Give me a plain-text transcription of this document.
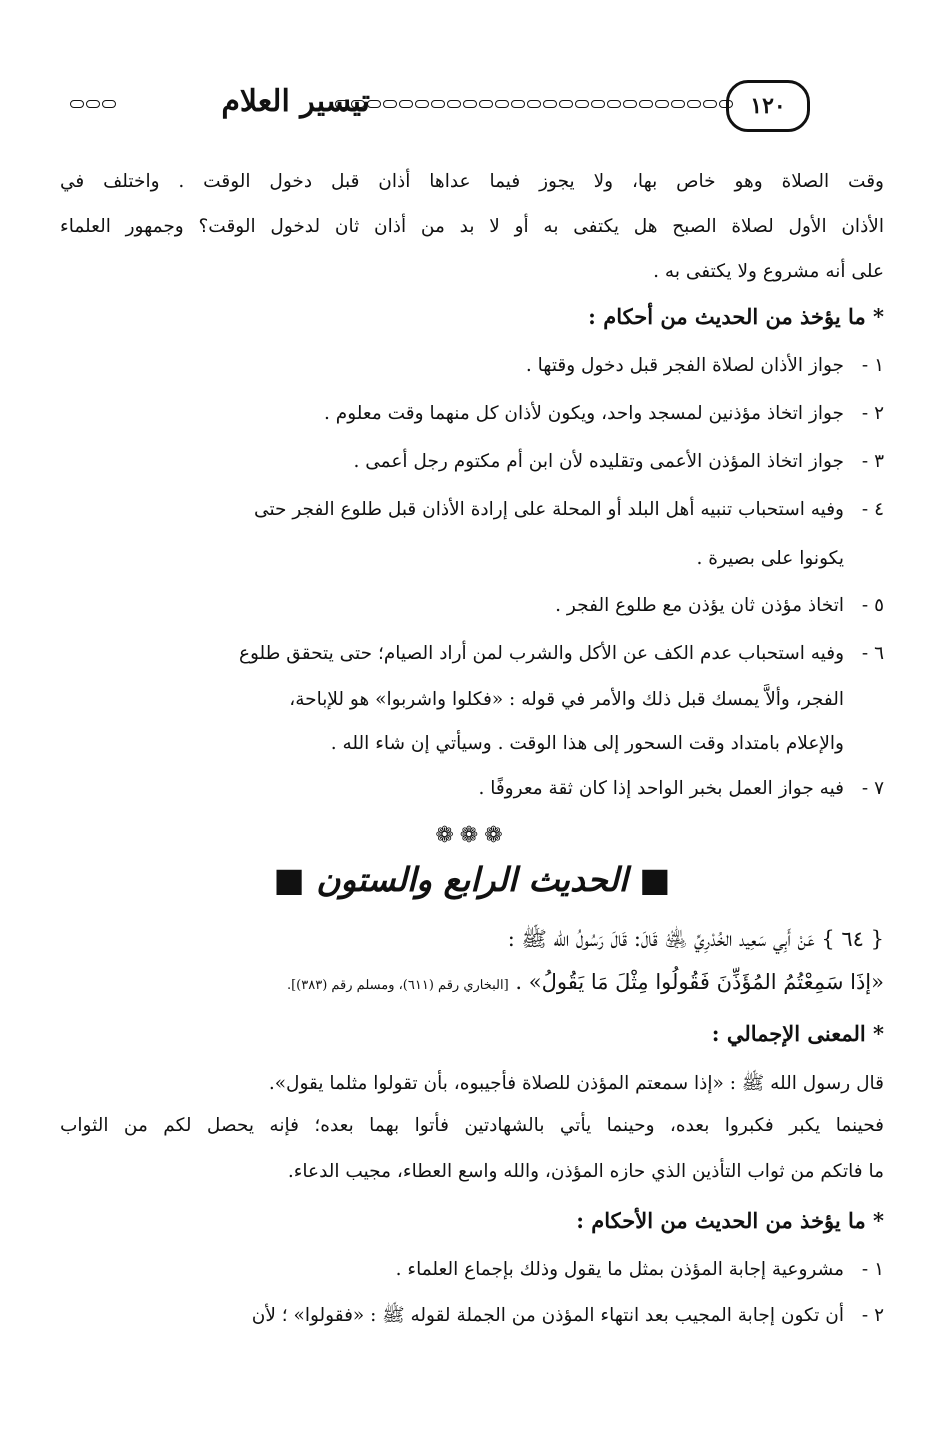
١٢٠
تيسير العلام
وقت الصلاة وهو خاص بها، ولا يجوز فيما عداها أذان قبل دخول الوقت . واختلف في
الأذان الأول لصلاة الصبح هل يكتفى به أو لا بد من أذان ثان لدخول الوقت؟ وجمهور العلماء
على أنه مشروع ولا يكتفى به .
* ما يؤخذ من الحديث من أحكام :
١ -جواز الأذان لصلاة الفجر قبل دخول وقتها .
٢ -جواز اتخاذ مؤذنين لمسجد واحد، ويكون لأذان كل منهما وقت معلوم .
٣ -جواز اتخاذ المؤذن الأعمى وتقليده لأن ابن أم مكتوم رجل أعمى .
٤ -وفيه استحباب تنبيه أهل البلد أو المحلة على إرادة الأذان قبل طلوع الفجر حتى
يكونوا على بصيرة .
٥ -اتخاذ مؤذن ثان يؤذن مع طلوع الفجر .
٦ -وفيه استحباب عدم الكف عن الأكل والشرب لمن أراد الصيام؛ حتى يتحقق طلوع
الفجر، وألاَّ يمسك قبل ذلك والأمر في قوله : «فكلوا واشربوا» هو للإباحة،
والإعلام بامتداد وقت السحور إلى هذا الوقت . وسيأتي إن شاء الله .
٧ -فيه جواز العمل بخبر الواحد إذا كان ثقة معروفًا .
❁❁❁
■ الحديث الرابع والستون ■
{ ٦٤ } عَنْ أَبِي سَعِيد الخُدْرِيِّ ﵁ قَالَ: قَالَ رَسُولُ الله ﷺ :
«إذَا سَمِعْتُمُ المُؤَذِّنَ فَقُولُوا مِثْلَ مَا يَقُولُ» . [البخاري رقم (٦١١)، ومسلم رقم (٣٨٣)].
* المعنى الإجمالي :
قال رسول الله ﷺ : «إذا سمعتم المؤذن للصلاة فأجيبوه، بأن تقولوا مثلما يقول».
فحينما يكبر فكبروا بعده، وحينما يأتي بالشهادتين فأتوا بهما بعده؛ فإنه يحصل لكم من الثواب
ما فاتكم من ثواب التأذين الذي حازه المؤذن، والله واسع العطاء، مجيب الدعاء.
* ما يؤخذ من الحديث من الأحكام :
١ -مشروعية إجابة المؤذن بمثل ما يقول وذلك بإجماع العلماء .
٢ -أن تكون إجابة المجيب بعد انتهاء المؤذن من الجملة لقوله ﷺ : «فقولوا» ؛ لأن
